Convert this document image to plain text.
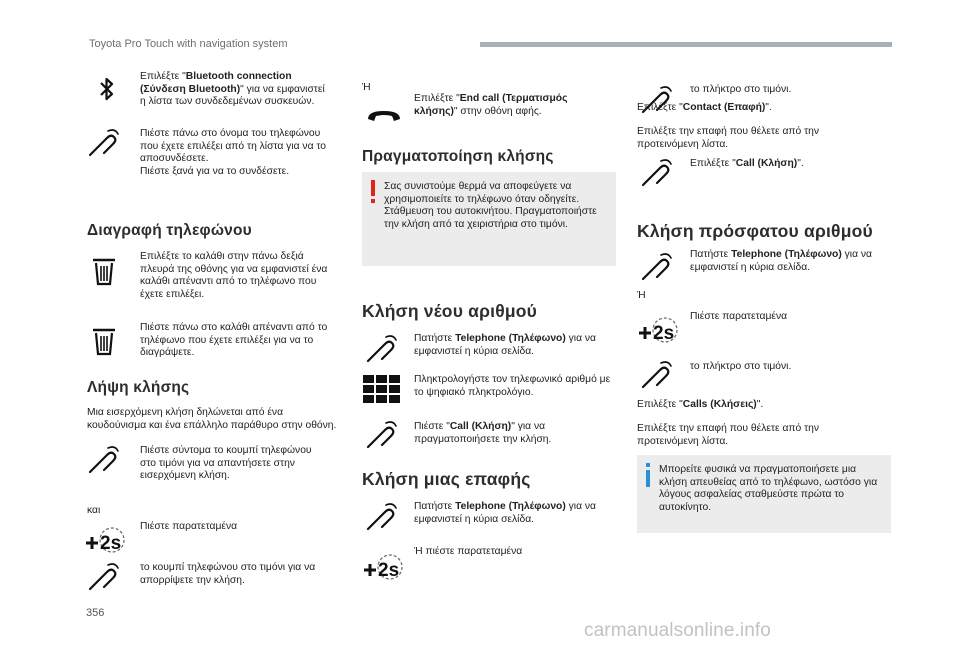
Toyota Pro Touch with navigation system
356
carmanualsonline.info
Επιλέξτε "Bluetooth connection (Σύνδεση Bluetooth)" για να εμφανιστεί η λίστα των συνδεδεμένων συσκευών.
Πιέστε πάνω στο όνομα του τηλεφώνου που έχετε επιλέξει από τη λίστα για να το αποσυνδέσετε.
Πιέστε ξανά για να το συνδέσετε.
Διαγραφή τηλεφώνου
Επιλέξτε το καλάθι στην πάνω δεξιά πλευρά της οθόνης για να εμφανιστεί ένα καλάθι απέναντι από το τηλέφωνο που έχετε επιλέξει.
Πιέστε πάνω στο καλάθι απέναντι από το τηλέφωνο που έχετε επιλέξει για να το διαγράψετε.
Λήψη κλήσης
Μια εισερχόμενη κλήση δηλώνεται από ένα κουδούνισμα και ένα επάλληλο παράθυρο στην οθόνη.
Πιέστε σύντομα το κουμπί τηλεφώνου στο τιμόνι για να απαντήσετε στην εισερχόμενη κλήση.
και
2s
Πιέστε παρατεταμένα
το κουμπί τηλεφώνου στο τιμόνι για να απορρίψετε την κλήση.
Ή
Επιλέξτε "End call (Τερματισμός κλήσης)" στην οθόνη αφής.
Πραγματοποίηση κλήσης
Σας συνιστούμε θερμά να αποφεύγετε να χρησιμοποιείτε το τηλέφωνο όταν οδηγείτε. Στάθμευση του αυτοκινήτου. Πραγματοποιήστε την κλήση από τα χειριστήρια στο τιμόνι.
Κλήση νέου αριθμού
Πατήστε Telephone (Τηλέφωνο) για να εμφανιστεί η κύρια σελίδα.
Πληκτρολογήστε τον τηλεφωνικό αριθμό με το ψηφιακό πληκτρολόγιο.
Πιέστε "Call (Κλήση)" για να πραγματοποιήσετε την κλήση.
Κλήση μιας επαφής
Πατήστε Telephone (Τηλέφωνο) για να εμφανιστεί η κύρια σελίδα.
2s
Ή πιέστε παρατεταμένα
το πλήκτρο στο τιμόνι.
Επιλέξτε "Contact (Επαφή)".
Επιλέξτε την επαφή που θέλετε από την προτεινόμενη λίστα.
Επιλέξτε "Call (Κλήση)".
Κλήση πρόσφατου αριθμού
Πατήστε Telephone (Τηλέφωνο) για να εμφανιστεί η κύρια σελίδα.
Ή
2s
Πιέστε παρατεταμένα
το πλήκτρο στο τιμόνι.
Επιλέξτε "Calls (Κλήσεις)".
Επιλέξτε την επαφή που θέλετε από την προτεινόμενη λίστα.
Μπορείτε φυσικά να πραγματοποιήσετε μια κλήση απευθείας από το τηλέφωνο, ωστόσο για λόγους ασφαλείας σταθμεύστε πρώτα το αυτοκίνητο.
